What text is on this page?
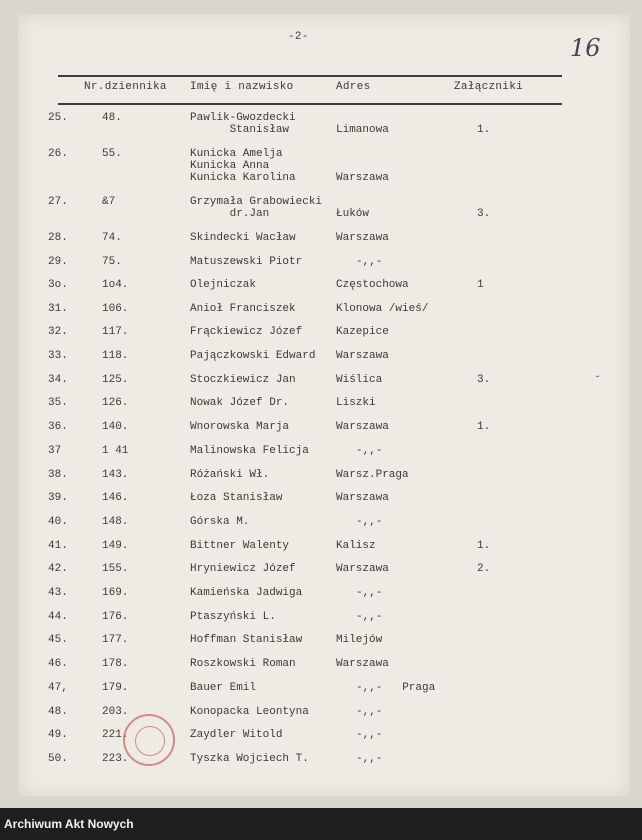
-2-	16
Nr.dziennika Imię i nazwisko	Adres	Załączniki
25.	48.	Pawlik-Gwozdecki
Stanisław	Limanowa	1.
26.	55.	Kunicka Amelja
Kunicka Anna
Kunicka Karolina	Warszawa
27.	&7	Grzymała Grabowiecki
dr.Jan	Łuków	3.
28.	74.	Skindecki Wacław	Warszawa
29.	75.	Matuszewski Piotr	-,,-
3o.	1o4.	Olejniczak	Częstochowa	1
31.	106.	Anioł Franciszek	Klonowa /wieś/
32.	117.	Frąckiewicz Józef	Kazepice
33.	118.	Pajączkowski Edward Warszawa
34.	125.	Stoczkiewicz Jan	Wiślica	3.
35.	126.	Nowak Józef Dr.	Liszki
36.	140.	Wnorowska Marja	Warszawa	1.
37	1 41	Malinowska Felicja	-,,-
38.	143.	Różański Wł.	Warsz.Praga
39.	146.	Łoza Stanisław	Warszawa
40.	148.	Górska M.	-,,-
41.	149.	Bittner Walenty	Kalisz	1.
42.	155.	Hryniewicz Józef	Warszawa	2.
43.	169.	Kamieńska Jadwiga	-,,-
44.	176.	Ptaszyński L.	-,,-
45.	177.	Hoffman Stanisław	Milejów
46.	178.	Roszkowski Roman	Warszawa
47,	179.	Bauer Emil	-,,-   Praga
48.	203.	Konopacka Leontyna	-,,-
49.	221.	Zaydler Witold	-,,-
50.	223.	Tyszka Wojciech T.	-,,-
˘
Archiwum Akt Nowych
